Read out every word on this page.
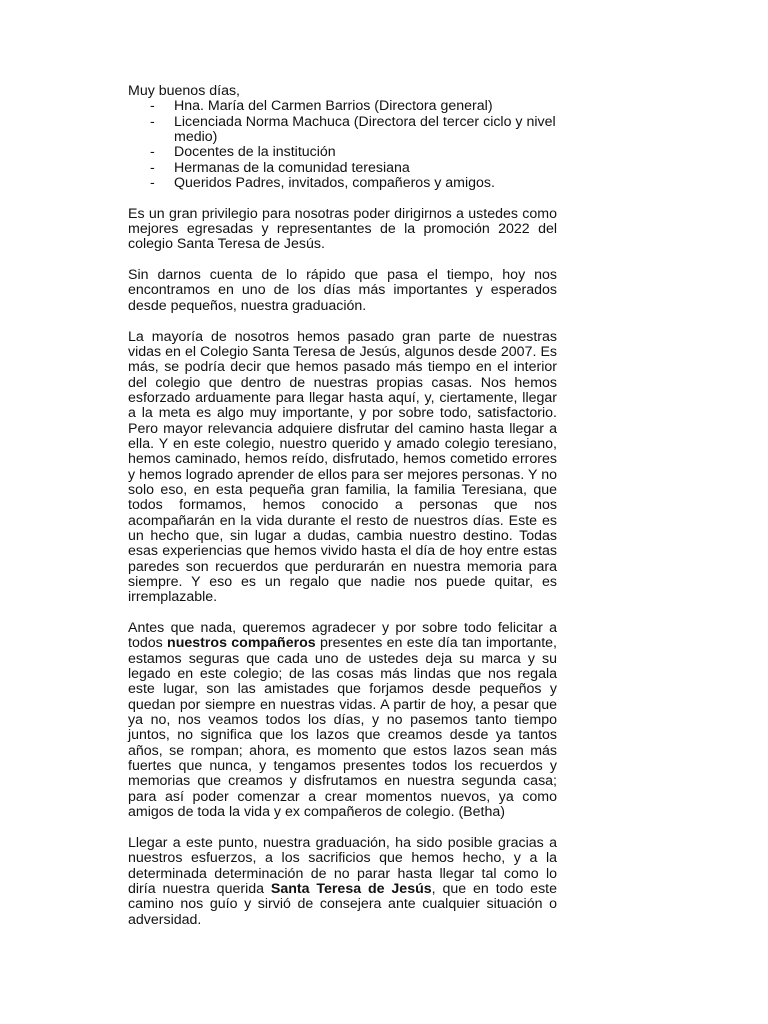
Muy buenos días,
- Hna. María del Carmen Barrios (Directora general)
- Licenciada Norma Machuca (Directora del tercer ciclo y nivel medio)
- Docentes de la institución
- Hermanas de la comunidad teresiana
- Queridos Padres, invitados, compañeros y amigos.

Es un gran privilegio para nosotras poder dirigirnos a ustedes como mejores egresadas y representantes de la promoción 2022 del colegio Santa Teresa de Jesús.

Sin darnos cuenta de lo rápido que pasa el tiempo, hoy nos encontramos en uno de los días más importantes y esperados desde pequeños, nuestra graduación.

La mayoría de nosotros hemos pasado gran parte de nuestras vidas en el Colegio Santa Teresa de Jesús, algunos desde 2007. Es más, se podría decir que hemos pasado más tiempo en el interior del colegio que dentro de nuestras propias casas. Nos hemos esforzado arduamente para llegar hasta aquí, y, ciertamente, llegar a la meta es algo muy importante, y por sobre todo, satisfactorio. Pero mayor relevancia adquiere disfrutar del camino hasta llegar a ella. Y en este colegio, nuestro querido y amado colegio teresiano, hemos caminado, hemos reído, disfrutado, hemos cometido errores y hemos logrado aprender de ellos para ser mejores personas. Y no solo eso, en esta pequeña gran familia, la familia Teresiana, que todos formamos, hemos conocido a personas que nos acompañarán en la vida durante el resto de nuestros días. Este es un hecho que, sin lugar a dudas, cambia nuestro destino. Todas esas experiencias que hemos vivido hasta el día de hoy entre estas paredes son recuerdos que perdurarán en nuestra memoria para siempre. Y eso es un regalo que nadie nos puede quitar, es irremplazable.

Antes que nada, queremos agradecer y por sobre todo felicitar a todos nuestros compañeros presentes en este día tan importante, estamos seguras que cada uno de ustedes deja su marca y su legado en este colegio; de las cosas más lindas que nos regala este lugar, son las amistades que forjamos desde pequeños y quedan por siempre en nuestras vidas. A partir de hoy, a pesar que ya no, nos veamos todos los días, y no pasemos tanto tiempo juntos, no significa que los lazos que creamos desde ya tantos años, se rompan; ahora, es momento que estos lazos sean más fuertes que nunca, y tengamos presentes todos los recuerdos y memorias que creamos y disfrutamos en nuestra segunda casa; para así poder comenzar a crear momentos nuevos, ya como amigos de toda la vida y ex compañeros de colegio. (Betha)

Llegar a este punto, nuestra graduación, ha sido posible gracias a nuestros esfuerzos, a los sacrificios que hemos hecho, y a la determinada determinación de no parar hasta llegar tal como lo diría nuestra querida Santa Teresa de Jesús, que en todo este camino nos guío y sirvió de consejera ante cualquier situación o adversidad.
